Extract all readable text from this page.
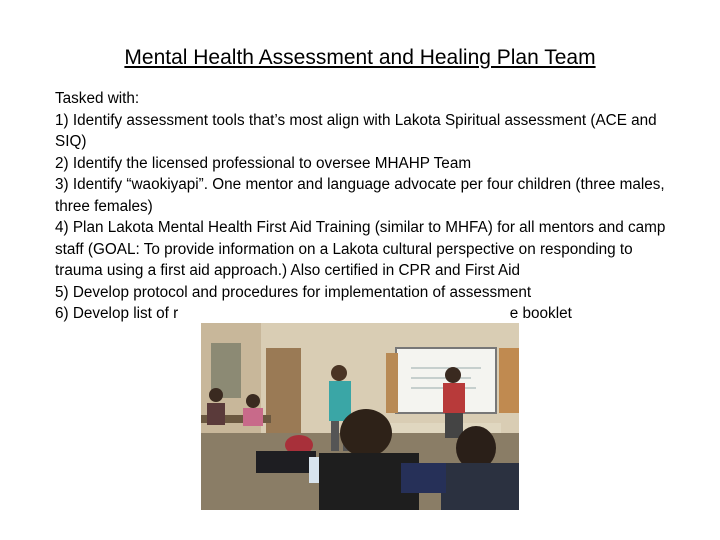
Mental Health Assessment and Healing Plan Team
Tasked with:
1) Identify assessment tools that’s most align with Lakota Spiritual assessment (ACE and SIQ)
2) Identify the licensed professional to oversee MHAHP Team
3) Identify “waokiyapi”. One mentor and language advocate per four children (three males, three females)
4) Plan Lakota Mental Health First Aid Training (similar to MHFA) for all mentors and camp staff (GOAL: To provide information on a Lakota cultural perspective on responding to trauma using a first aid approach.) Also certified in CPR and First Aid
5) Develop protocol and procedures for implementation of assessment
6) Develop list of r                                                                              e booklet
